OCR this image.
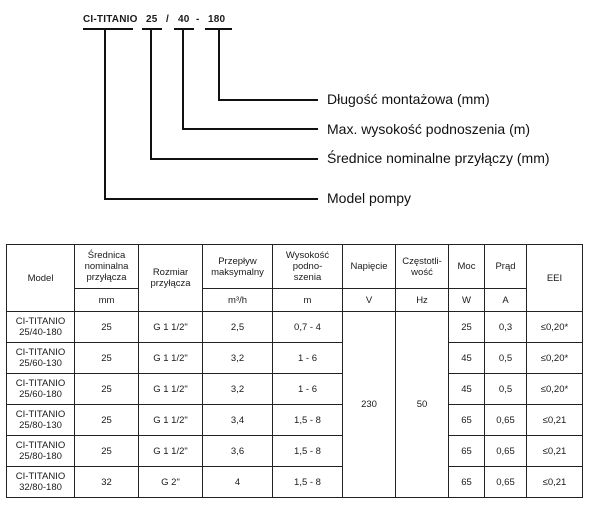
CI-TITANIO 25 / 40 - 180
Długość montażowa (mm)
Max. wysokość podnoszenia (m)
Średnice nominalne przyłączy (mm)
Model pompy
Model	Średnica
nominalna
przyłącza	Rozmiar
przyłącza	Przepływ
maksymalny	Wysokość
podno-
szenia	Napięcie	Częstotli-
wość	Moc	Prąd	EEI
	mm		m³/h	m	V	Hz	W	A	

CI-TITANIO
25/40-180	25	G 1 1/2"	2,5	0,7 - 4	230	50	25	0,3	≤0,20*

CI-TITANIO
25/60-130	25	G 1 1/2"	3,2	1 - 6			45	0,5	≤0,20*

CI-TITANIO
25/60-180	25	G 1 1/2"	3,2	1 - 6			45	0,5	≤0,20*

CI-TITANIO
25/80-130	25	G 1 1/2"	3,4	1,5 - 8			65	0,65	≤0,21

CI-TITANIO
25/80-180	25	G 1 1/2"	3,6	1,5 - 8			65	0,65	≤0,21

CI-TITANIO
32/80-180	32	G 2"	4	1,5 - 8			65	0,65	≤0,21
